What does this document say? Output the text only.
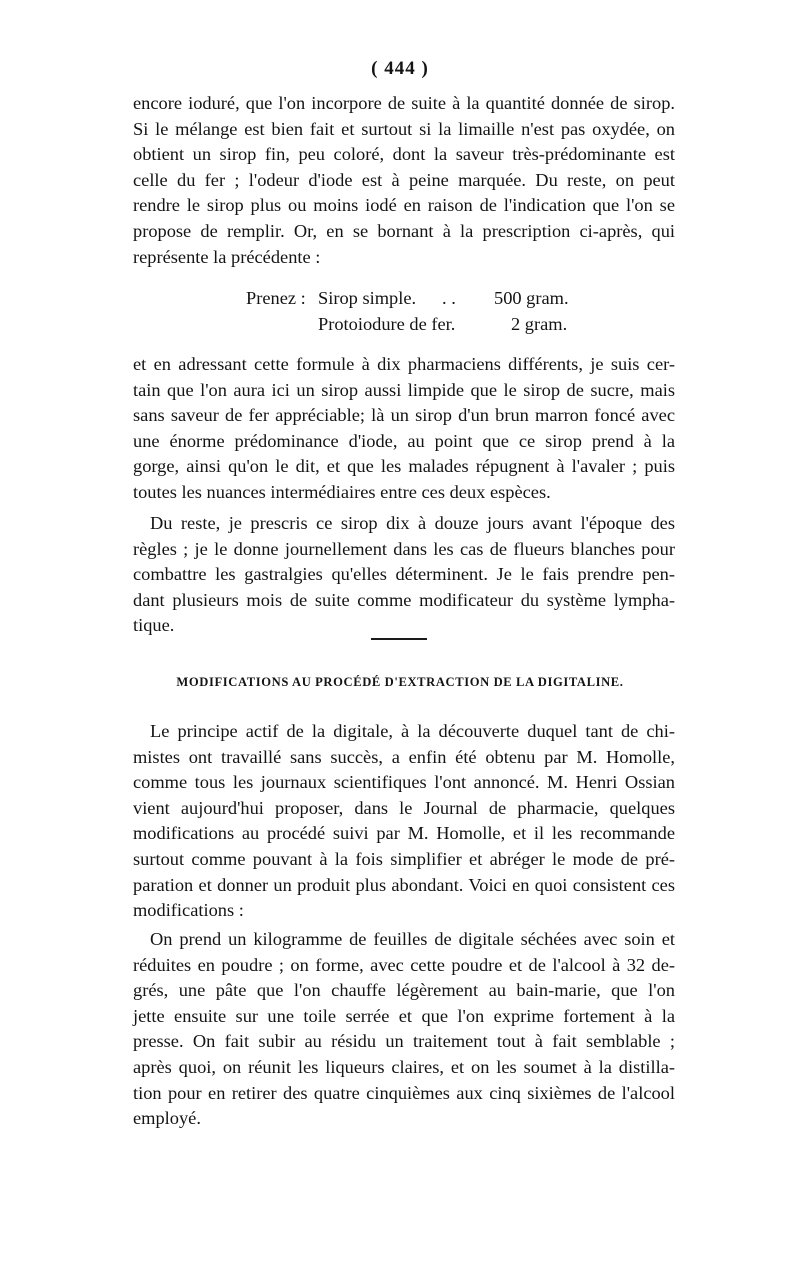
( 444 )
encore ioduré, que l'on incorpore de suite à la quantité donnée de sirop.
Si le mélange est bien fait et surtout si la limaille n'est pas oxydée, on
obtient un sirop fin, peu coloré, dont la saveur très-prédominante est
celle du fer ; l'odeur d'iode est à peine marquée. Du reste, on peut
rendre le sirop plus ou moins iodé en raison de l'indication que l'on se
propose de remplir. Or, en se bornant à la prescription ci-après, qui
représente la précédente :
Prenez : Sirop simple. . . 500 gram.
Protoiodure de fer.	2 gram.
et en adressant cette formule à dix pharmaciens différents, je suis cer-
tain que l'on aura ici un sirop aussi limpide que le sirop de sucre, mais
sans saveur de fer appréciable; là un sirop d'un brun marron foncé avec
une énorme prédominance d'iode, au point que ce sirop prend à la
gorge, ainsi qu'on le dit, et que les malades répugnent à l'avaler ; puis
toutes les nuances intermédiaires entre ces deux espèces.
Du reste, je prescris ce sirop dix à douze jours avant l'époque des
règles ; je le donne journellement dans les cas de flueurs blanches pour
combattre les gastralgies qu'elles déterminent. Je le fais prendre pen-
dant plusieurs mois de suite comme modificateur du système lympha-
tique.
MODIFICATIONS AU PROCÉDÉ D'EXTRACTION DE LA DIGITALINE.
Le principe actif de la digitale, à la découverte duquel tant de chi-
mistes ont travaillé sans succès, a enfin été obtenu par M. Homolle,
comme tous les journaux scientifiques l'ont annoncé. M. Henri Ossian
vient aujourd'hui proposer, dans le Journal de pharmacie, quelques
modifications au procédé suivi par M. Homolle, et il les recommande
surtout comme pouvant à la fois simplifier et abréger le mode de pré-
paration et donner un produit plus abondant. Voici en quoi consistent ces
modifications :
On prend un kilogramme de feuilles de digitale séchées avec soin et
réduites en poudre ; on forme, avec cette poudre et de l'alcool à 32 de-
grés, une pâte que l'on chauffe légèrement au bain-marie, que l'on
jette ensuite sur une toile serrée et que l'on exprime fortement à la
presse. On fait subir au résidu un traitement tout à fait semblable ;
après quoi, on réunit les liqueurs claires, et on les soumet à la distilla-
tion pour en retirer des quatre cinquièmes aux cinq sixièmes de l'alcool
employé.
